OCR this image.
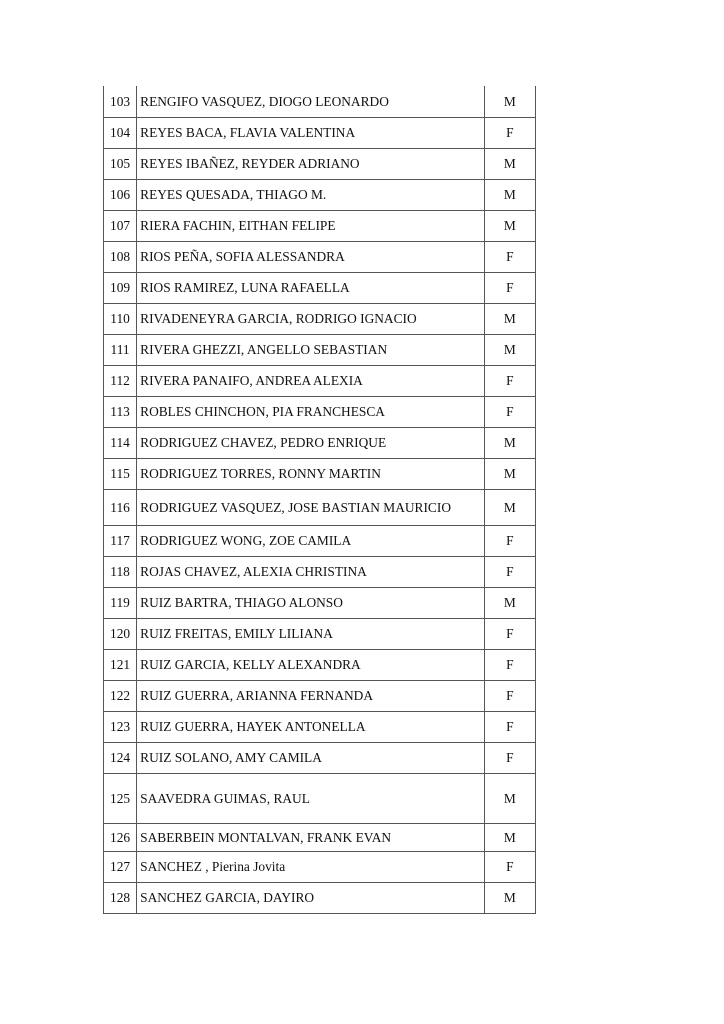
103	RENGIFO VASQUEZ, DIOGO LEONARDO	M
104	REYES BACA, FLAVIA VALENTINA	F
105	REYES IBAÑEZ, REYDER ADRIANO	M
106	REYES QUESADA, THIAGO M.	M
107	RIERA FACHIN, EITHAN FELIPE	M
108	RIOS PEÑA, SOFIA ALESSANDRA	F
109	RIOS RAMIREZ, LUNA RAFAELLA	F
110	RIVADENEYRA GARCIA, RODRIGO IGNACIO	M
111	RIVERA GHEZZI, ANGELLO SEBASTIAN	M
112	RIVERA PANAIFO, ANDREA ALEXIA	F
113	ROBLES CHINCHON, PIA FRANCHESCA	F
114	RODRIGUEZ CHAVEZ, PEDRO ENRIQUE	M
115	RODRIGUEZ TORRES, RONNY MARTIN	M
116	RODRIGUEZ VASQUEZ, JOSE BASTIAN MAURICIO	M
117	RODRIGUEZ WONG, ZOE CAMILA	F
118	ROJAS CHAVEZ, ALEXIA CHRISTINA	F
119	RUIZ BARTRA, THIAGO ALONSO	M
120	RUIZ FREITAS, EMILY LILIANA	F
121	RUIZ GARCIA, KELLY ALEXANDRA	F
122	RUIZ GUERRA, ARIANNA FERNANDA	F
123	RUIZ GUERRA, HAYEK ANTONELLA	F
124	RUIZ SOLANO, AMY CAMILA	F
125	SAAVEDRA GUIMAS, RAUL	M
126	SABERBEIN MONTALVAN, FRANK EVAN	M
127	SANCHEZ , Pierina Jovita	F
128	SANCHEZ GARCIA, DAYIRO	M
